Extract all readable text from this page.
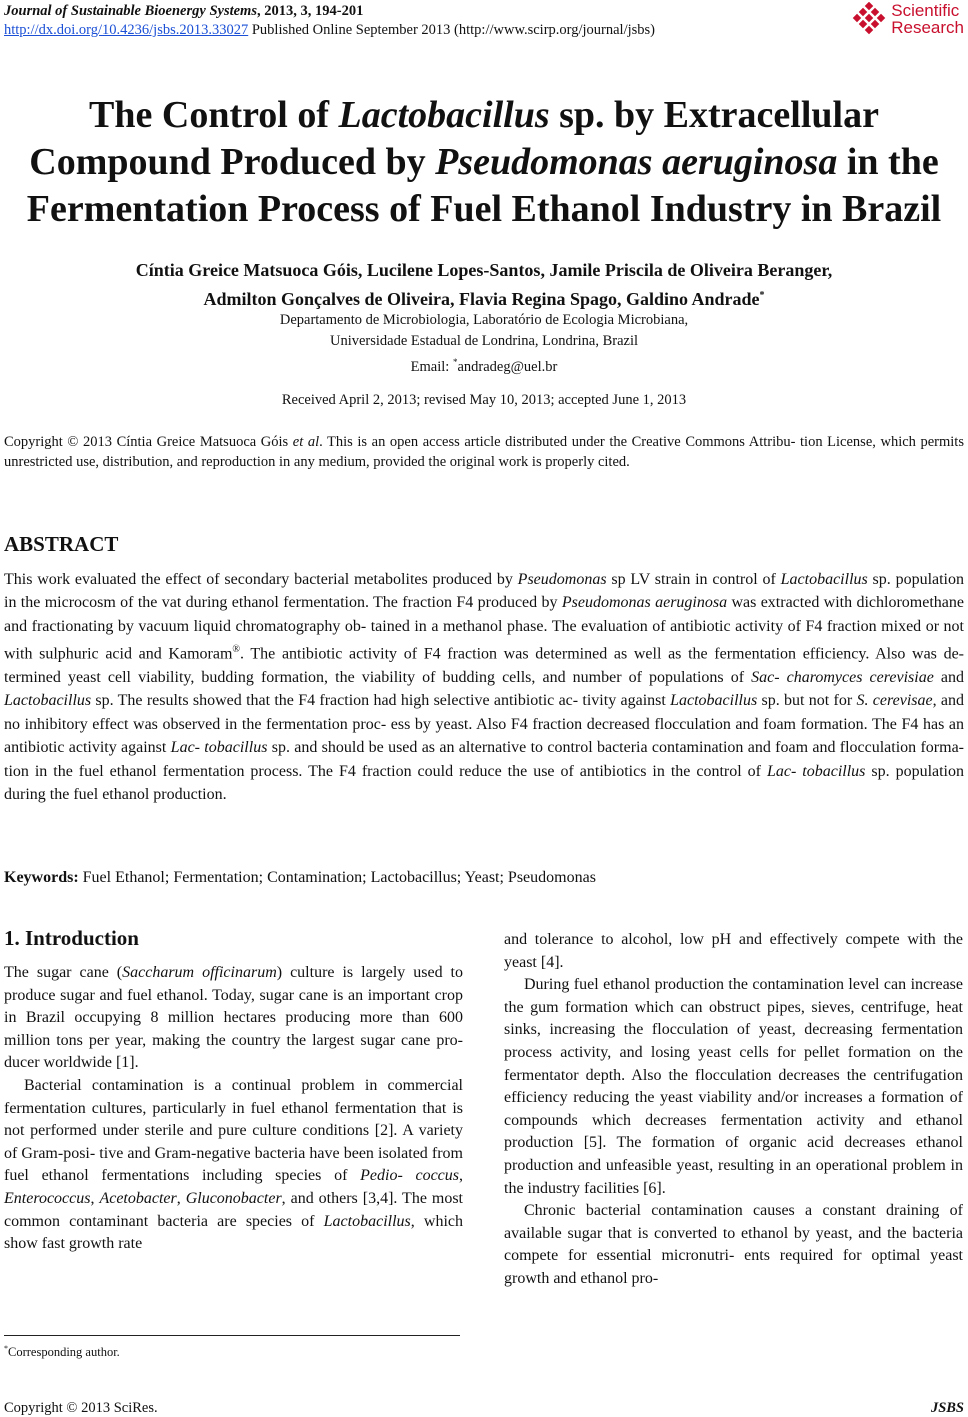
Journal of Sustainable Bioenergy Systems, 2013, 3, 194-201
http://dx.doi.org/10.4236/jsbs.2013.33027 Published Online September 2013 (http://www.scirp.org/journal/jsbs)
Scientific
Research
The Control of Lactobacillus sp. by Extracellular
Compound Produced by Pseudomonas aeruginosa in the
Fermentation Process of Fuel Ethanol Industry in Brazil
Cíntia Greice Matsuoca Góis, Lucilene Lopes-Santos, Jamile Priscila de Oliveira Beranger,
Admilton Gonçalves de Oliveira, Flavia Regina Spago, Galdino Andrade*
Departamento de Microbiologia, Laboratório de Ecologia Microbiana,
Universidade Estadual de Londrina, Londrina, Brazil
Email: *andradeg@uel.br
Received April 2, 2013; revised May 10, 2013; accepted June 1, 2013
Copyright © 2013 Cíntia Greice Matsuoca Góis et al. This is an open access article distributed under the Creative Commons Attribu- tion License, which permits unrestricted use, distribution, and reproduction in any medium, provided the original work is properly cited.
ABSTRACT
This work evaluated the effect of secondary bacterial metabolites produced by Pseudomonas sp LV strain in control of Lactobacillus sp. population in the microcosm of the vat during ethanol fermentation. The fraction F4 produced by Pseudomonas aeruginosa was extracted with dichloromethane and fractionating by vacuum liquid chromatography ob- tained in a methanol phase. The evaluation of antibiotic activity of F4 fraction mixed or not with sulphuric acid and Kamoram®. The antibiotic activity of F4 fraction was determined as well as the fermentation efficiency. Also was de- termined yeast cell viability, budding formation, the viability of budding cells, and number of populations of Sac- charomyces cerevisiae and Lactobacillus sp. The results showed that the F4 fraction had high selective antibiotic ac- tivity against Lactobacillus sp. but not for S. cerevisae, and no inhibitory effect was observed in the fermentation proc- ess by yeast. Also F4 fraction decreased flocculation and foam formation. The F4 has an antibiotic activity against Lac- tobacillus sp. and should be used as an alternative to control bacteria contamination and foam and flocculation forma- tion in the fuel ethanol fermentation process. The F4 fraction could reduce the use of antibiotics in the control of Lac- tobacillus sp. population during the fuel ethanol production.
Keywords: Fuel Ethanol; Fermentation; Contamination; Lactobacillus; Yeast; Pseudomonas
1. Introduction

The sugar cane (Saccharum officinarum) culture is largely used to produce sugar and fuel ethanol. Today, sugar cane is an important crop in Brazil occupying 8 million hectares producing more than 600 million tons per year, making the country the largest sugar cane pro- ducer worldwide [1].

Bacterial contamination is a continual problem in commercial fermentation cultures, particularly in fuel ethanol fermentation that is not performed under sterile and pure culture conditions [2]. A variety of Gram-posi- tive and Gram-negative bacteria have been isolated from fuel ethanol fermentations including species of Pedio- coccus, Enterococcus, Acetobacter, Gluconobacter, and others [3,4]. The most common contaminant bacteria are species of Lactobacillus, which show fast growth rate

and tolerance to alcohol, low pH and effectively compete with the yeast [4].

During fuel ethanol production the contamination level can increase the gum formation which can obstruct pipes, sieves, centrifuge, heat sinks, increasing the flocculation of yeast, decreasing fermentation process activity, and losing yeast cells for pellet formation on the fermentator depth. Also the flocculation decreases the centrifugation efficiency reducing the yeast viability and/or increases a formation of compounds which decreases fermentation activity and ethanol production [5]. The formation of organic acid decreases ethanol production and unfeasible yeast, resulting in an operational problem in the industry facilities [6].

Chronic bacterial contamination causes a constant draining of available sugar that is converted to ethanol by yeast, and the bacteria compete for essential micronutri- ents required for optimal yeast growth and ethanol pro-

*Corresponding author.
Copyright © 2013 SciRes.	JSBS
